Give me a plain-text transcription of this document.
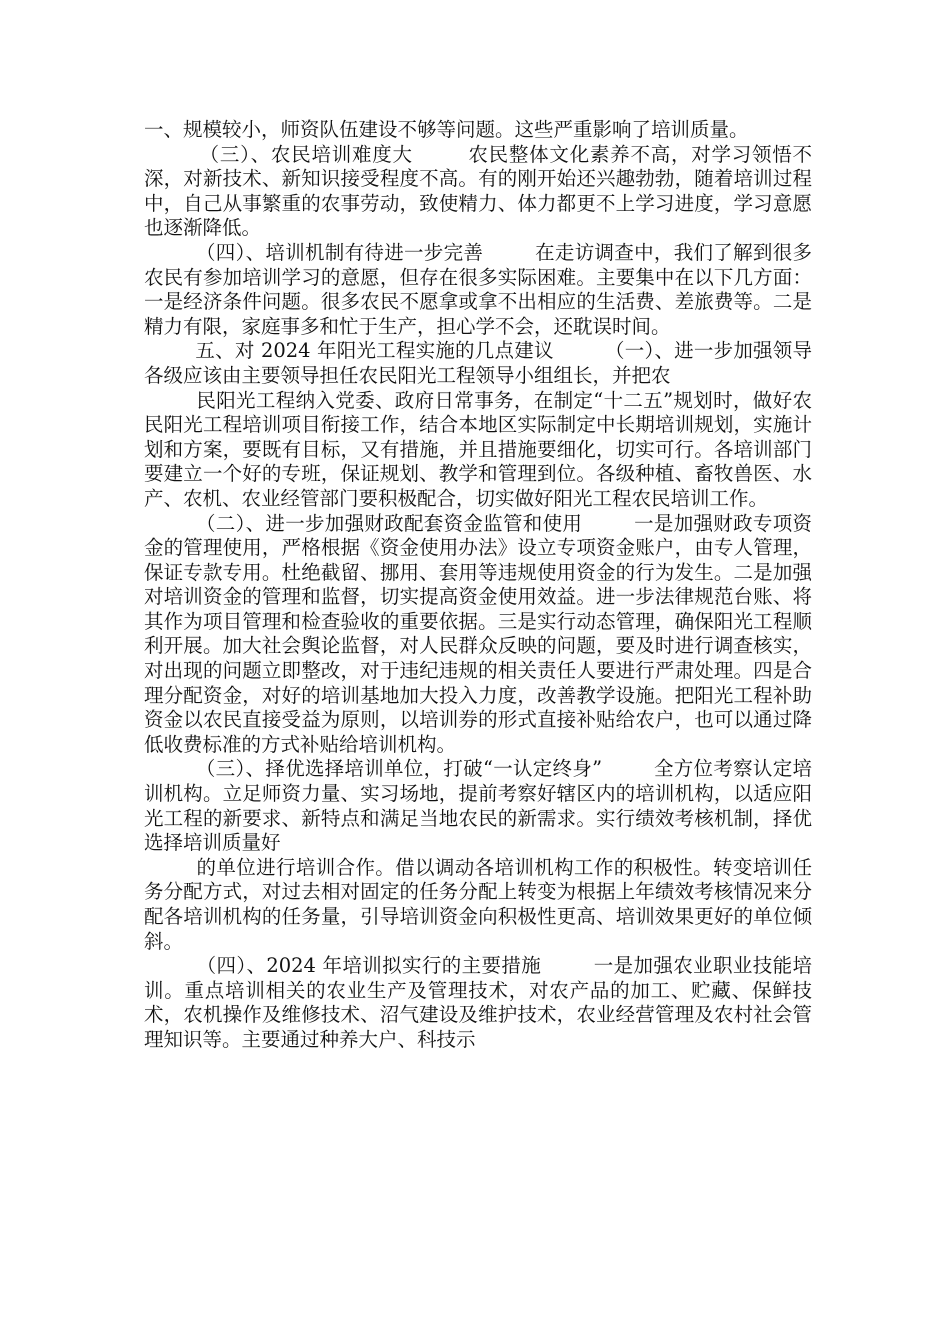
一、规模较小，师资队伍建设不够等问题。这些严重影响了培训质量。

（三）、农民培训难度大        农民整体文化素养不高，对学习领悟不深，对新技术、新知识接受程度不高。有的刚开始还兴趣勃勃，随着培训过程中，自己从事繁重的农事劳动，致使精力、体力都更不上学习进度，学习意愿也逐渐降低。

（四）、培训机制有待进一步完善        在走访调查中，我们了解到很多农民有参加培训学习的意愿，但存在很多实际困难。主要集中在以下几方面：一是经济条件问题。很多农民不愿拿或拿不出相应的生活费、差旅费等。二是精力有限，家庭事多和忙于生产，担心学不会，还耽误时间。

五、对 2024 年阳光工程实施的几点建议        （一）、进一步加强领导        各级应该由主要领导担任农民阳光工程领导小组组长，并把农

民阳光工程纳入党委、政府日常事务，在制定“十二五”规划时，做好农民阳光工程培训项目衔接工作，结合本地区实际制定中长期培训规划，实施计划和方案，要既有目标，又有措施，并且措施要细化，切实可行。各培训部门要建立一个好的专班，保证规划、教学和管理到位。各级种植、畜牧兽医、水产、农机、农业经管部门要积极配合，切实做好阳光工程农民培训工作。

（二）、进一步加强财政配套资金监管和使用        一是加强财政专项资金的管理使用，严格根据《资金使用办法》设立专项资金账户，由专人管理，保证专款专用。杜绝截留、挪用、套用等违规使用资金的行为发生。二是加强对培训资金的管理和监督，切实提高资金使用效益。进一步法律规范台账、将其作为项目管理和检查验收的重要依据。三是实行动态管理，确保阳光工程顺利开展。加大社会舆论监督，对人民群众反映的问题，要及时进行调查核实，对出现的问题立即整改，对于违纪违规的相关责任人要进行严肃处理。四是合理分配资金，对好的培训基地加大投入力度，改善教学设施。把阳光工程补助资金以农民直接受益为原则，以培训券的形式直接补贴给农户，也可以通过降低收费标准的方式补贴给培训机构。

（三）、择优选择培训单位，打破“一认定终身”        全方位考察认定培训机构。立足师资力量、实习场地，提前考察好辖区内的培训机构，以适应阳光工程的新要求、新特点和满足当地农民的新需求。实行绩效考核机制，择优选择培训质量好

的单位进行培训合作。借以调动各培训机构工作的积极性。转变培训任务分配方式，对过去相对固定的任务分配上转变为根据上年绩效考核情况来分配各培训机构的任务量，引导培训资金向积极性更高、培训效果更好的单位倾斜。

（四）、2024 年培训拟实行的主要措施        一是加强农业职业技能培训。重点培训相关的农业生产及管理技术，对农产品的加工、贮藏、保鲜技术，农机操作及维修技术、沼气建设及维护技术，农业经营管理及农村社会管理知识等。主要通过种养大户、科技示
